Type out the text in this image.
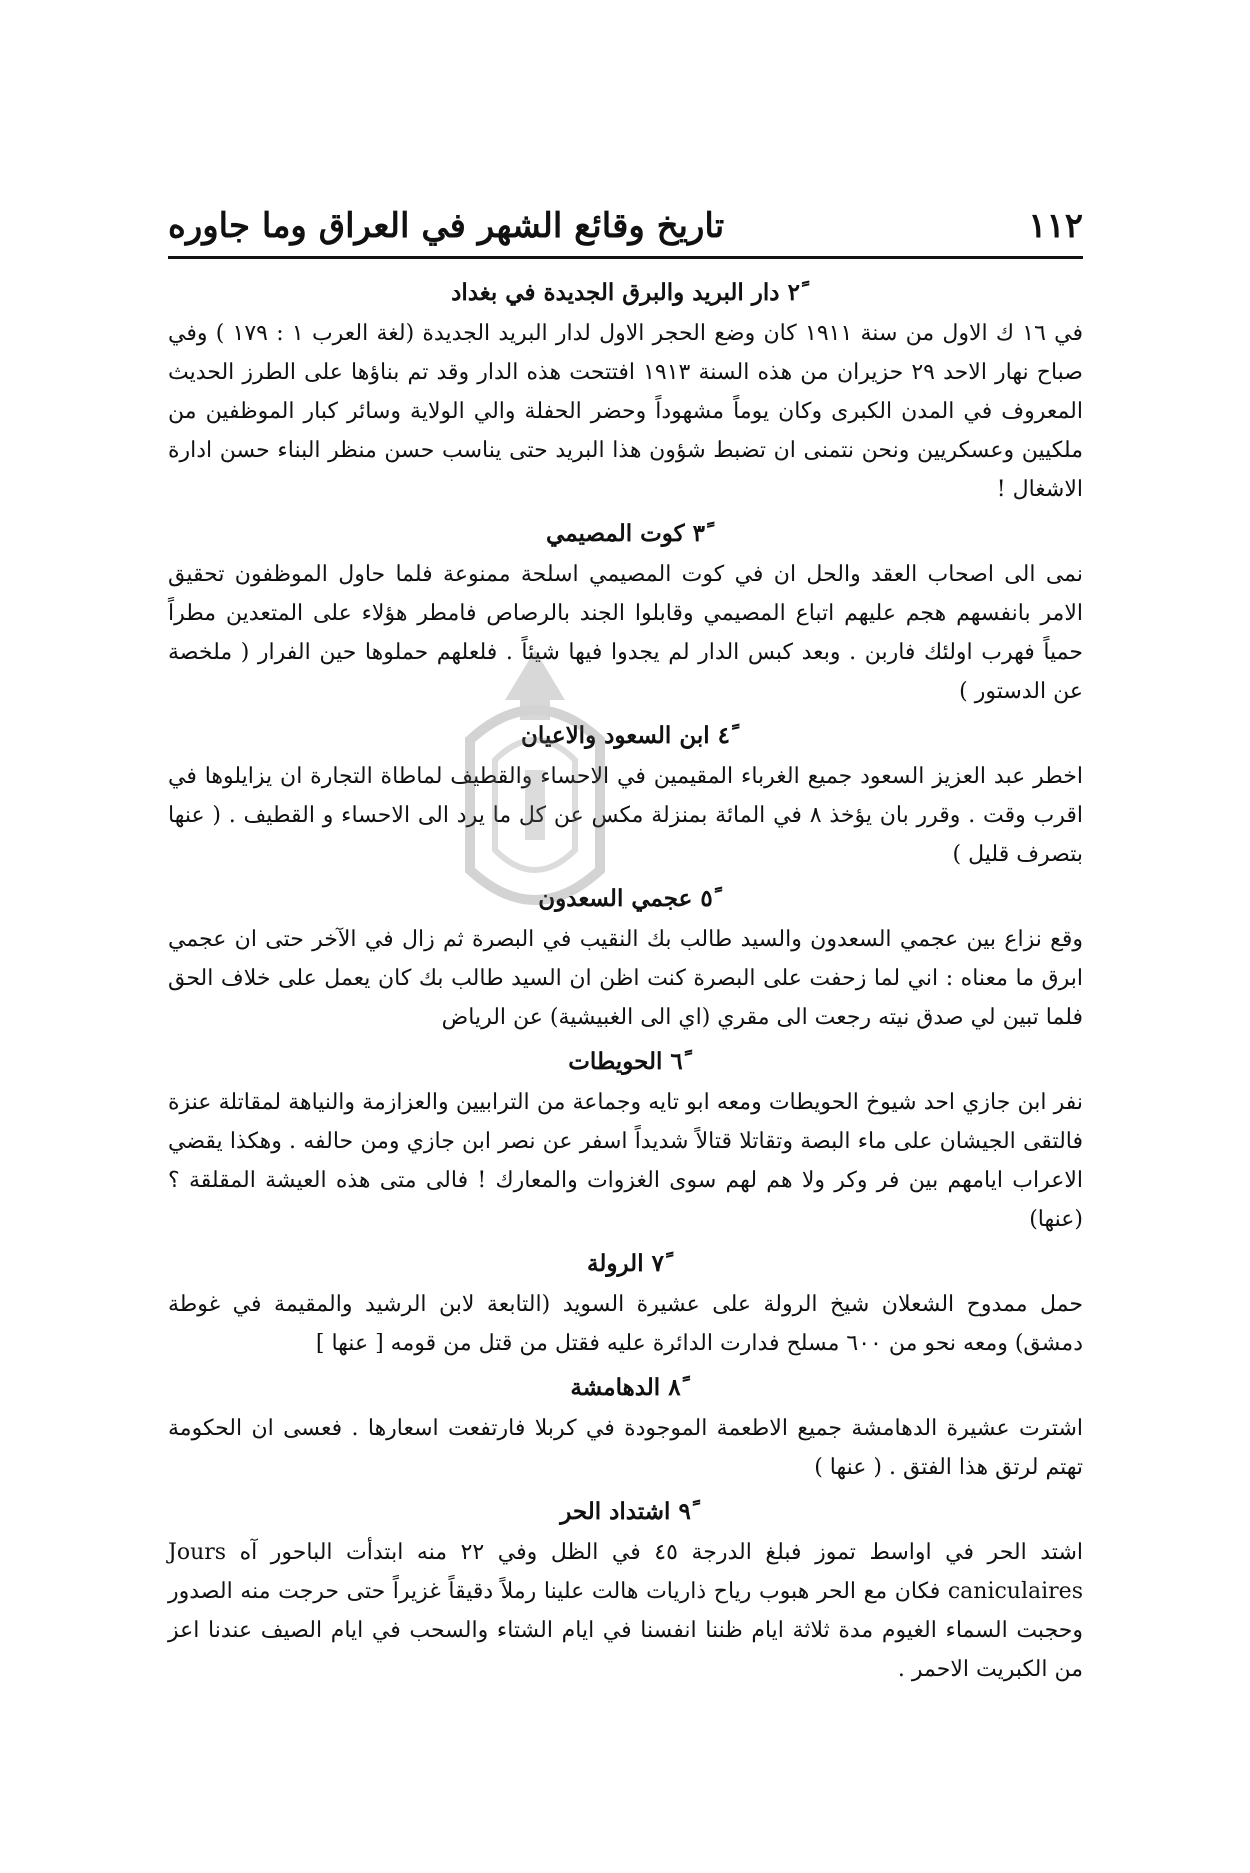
١١٢
تاريخ وقائع الشهر في العراق وما جاوره
٢ً دار البريد والبرق الجديدة في بغداد

في ١٦ ك الاول من سنة ١٩١١ كان وضع الحجر الاول لدار البريد الجديدة (لغة العرب ١ : ١٧٩ ) وفي صباح نهار الاحد ٢٩ حزيران من هذه السنة ١٩١٣ افتتحت هذه الدار وقد تم بناؤها على الطرز الحديث المعروف في المدن الكبرى وكان يوماً مشهوداً وحضر الحفلة والي الولاية وسائر كبار الموظفين من ملكيين وعسكريين ونحن نتمنى ان تضبط شؤون هذا البريد حتى يناسب حسن منظر البناء حسن ادارة الاشغال !

٣ً كوت المصيمي

نمى الى اصحاب العقد والحل ان في كوت المصيمي اسلحة ممنوعة فلما حاول الموظفون تحقيق الامر بانفسهم هجم عليهم اتباع المصيمي وقابلوا الجند بالرصاص فامطر هؤلاء على المتعدين مطراً حمياً فهرب اولئك فاربن . وبعد كبس الدار لم يجدوا فيها شيئاً . فلعلهم حملوها حين الفرار ( ملخصة عن الدستور )

٤ً ابن السعود والاعيان

اخطر عبد العزيز السعود جميع الغرباء المقيمين في الاحساء والقطيف لماطاة التجارة ان يزايلوها في اقرب وقت . وقرر بان يؤخذ ٨ في المائة بمنزلة مكس عن كل ما يرد الى الاحساء و القطيف . ( عنها بتصرف قليل )

٥ً عجمي السعدون

وقع نزاع بين عجمي السعدون والسيد طالب بك النقيب في البصرة ثم زال في الآخر حتى ان عجمي ابرق ما معناه : اني لما زحفت على البصرة كنت اظن ان السيد طالب بك كان يعمل على خلاف الحق فلما تبين لي صدق نيته رجعت الى مقري (اي الى الغبيشية) عن الرياض

٦ً الحويطات

نفر ابن جازي احد شيوخ الحويطات ومعه ابو تايه وجماعة من الترابيين والعزازمة والنياهة لمقاتلة عنزة فالتقى الجيشان على ماء البصة وتقاتلا قتالاً شديداً اسفر عن نصر ابن جازي ومن حالفه . وهكذا يقضي الاعراب ايامهم بين فر وكر ولا هم لهم سوى الغزوات والمعارك ! فالى متى هذه العيشة المقلقة ؟ (عنها)

٧ً الرولة

حمل ممدوح الشعلان شيخ الرولة على عشيرة السويد (التابعة لابن الرشيد والمقيمة في غوطة دمشق) ومعه نحو من ٦٠٠ مسلح فدارت الدائرة عليه فقتل من قتل من قومه [ عنها ]

٨ً الدهامشة

اشترت عشيرة الدهامشة جميع الاطعمة الموجودة في كربلا فارتفعت اسعارها . فعسى ان الحكومة تهتم لرتق هذا الفتق . ( عنها )

٩ً اشتداد الحر

اشتد الحر في اواسط تموز فبلغ الدرجة ٤٥ في الظل وفي ٢٢ منه ابتدأت الباحور آه Jours caniculaires فكان مع الحر هبوب رياح ذاريات هالت علينا رملاً دقيقاً غزيراً حتى حرجت منه الصدور وحجبت السماء الغيوم مدة ثلاثة ايام ظننا انفسنا في ايام الشتاء والسحب في ايام الصيف عندنا اعز من الكبريت الاحمر .
